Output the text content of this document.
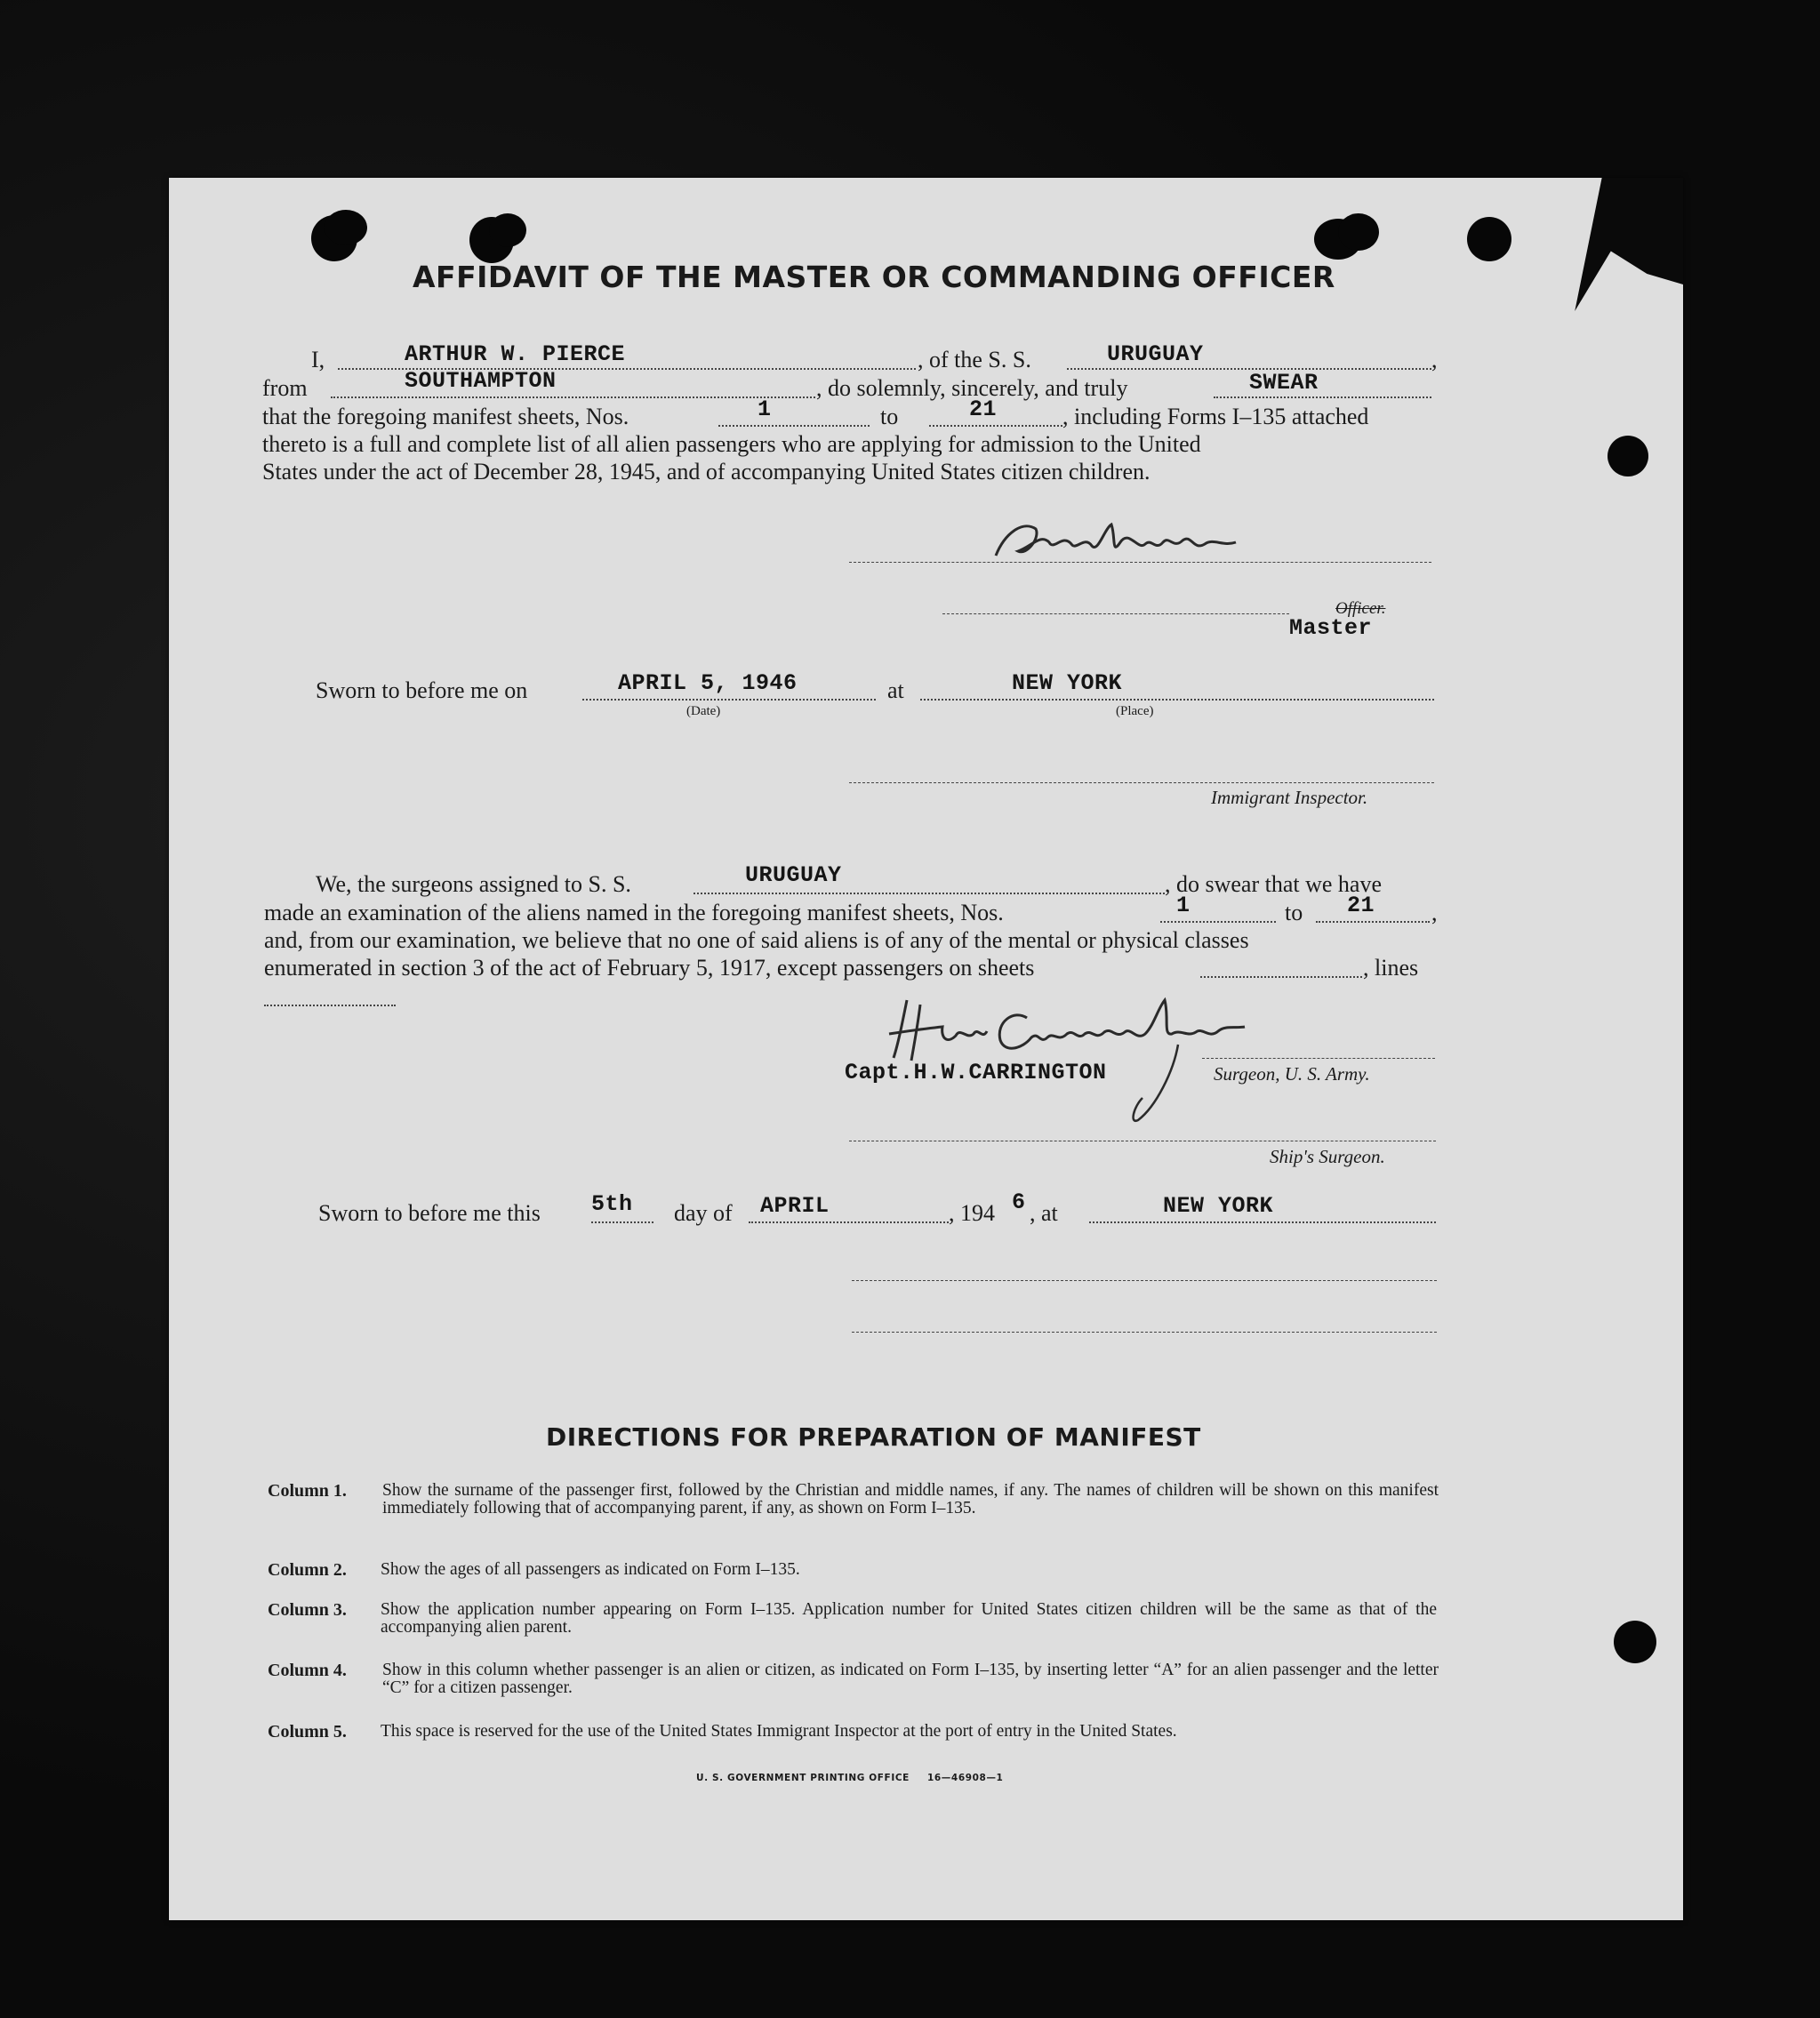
AFFIDAVIT OF THE MASTER OR COMMANDING OFFICER
I,	ARTHUR W. PIERCE	, of the S. S.	URUGUAY	,
from	SOUTHAMPTON	, do solemnly, sincerely, and truly	SWEAR
that the foregoing manifest sheets, Nos.	1	to	21	, including Forms I–135 attached
thereto is a full and complete list of all alien passengers who are applying for admission to the United
States under the act of December 28, 1945, and of accompanying United States citizen children.
Officer.
Master
Sworn to before me on	APRIL 5, 1946
(Date)
at	NEW YORK
(Place)
Immigrant Inspector.
We, the surgeons assigned to S. S.	URUGUAY	, do swear that we have
made an examination of the aliens named in the foregoing manifest sheets, Nos.	1	to 21 ,
and, from our examination, we believe that no one of said aliens is of any of the mental or physical classes
enumerated in section 3 of the act of February 5, 1917, except passengers on sheets	, lines
Capt.H.W.CARRINGTON	Surgeon, U. S. Army.
Ship's Surgeon.
Sworn to before me this 5th day of APRIL	, 194 6 , at	NEW YORK
DIRECTIONS FOR PREPARATION OF MANIFEST
Column 1. Show the surname of the passenger first, followed by the Christian and middle names, if any. The names of children will be shown on this manifest immediately following that of accompanying parent, if any, as shown on Form I–135.
Column 2. Show the ages of all passengers as indicated on Form I–135.
Column 3. Show the application number appearing on Form I–135. Application number for United States citizen children will be the same as that of the accompanying alien parent.
Column 4. Show in this column whether passenger is an alien or citizen, as indicated on Form I–135, by inserting letter “A” for an alien passenger and the letter “C” for a citizen passenger.
Column 5. This space is reserved for the use of the United States Immigrant Inspector at the port of entry in the United States.
U. S. GOVERNMENT PRINTING OFFICE 16—46908—1
